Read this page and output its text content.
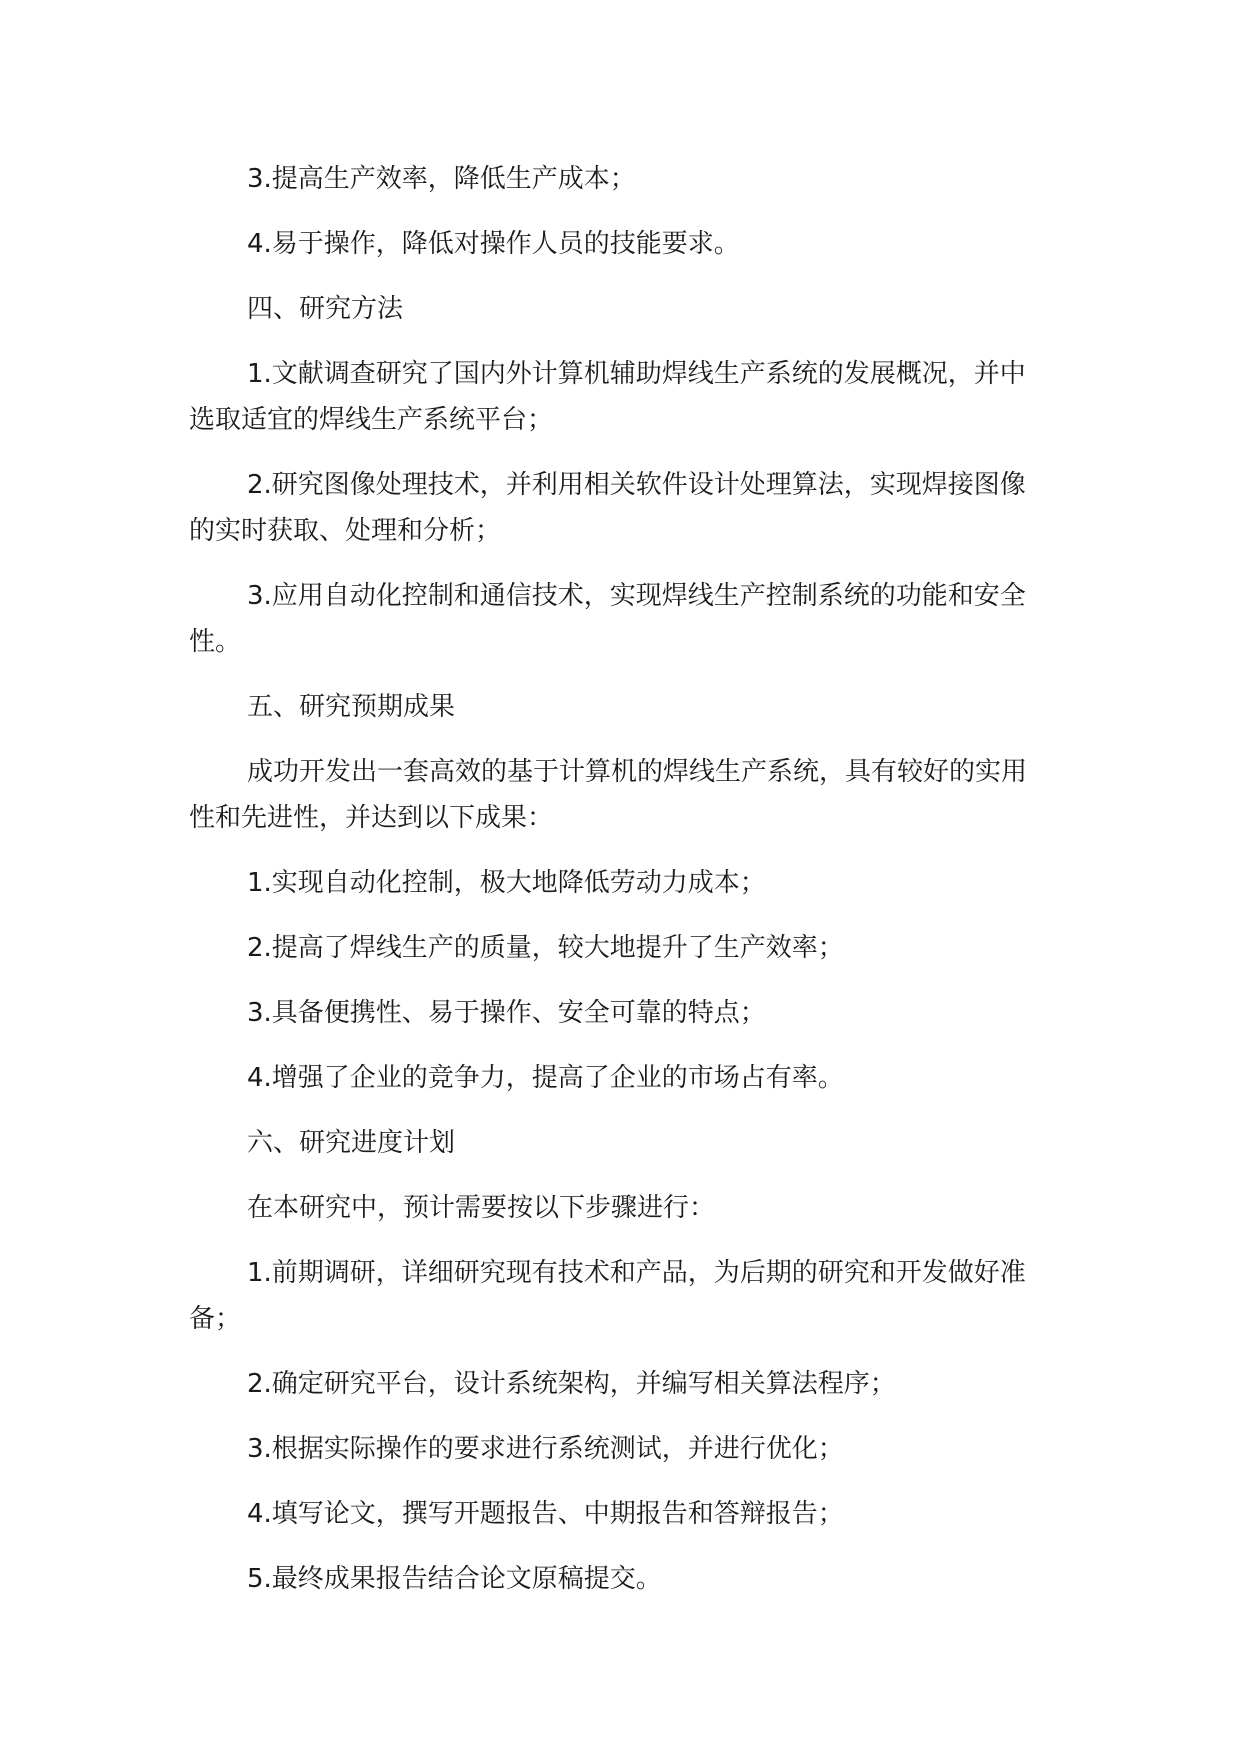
3.提高生产效率，降低生产成本；

4.易于操作，降低对操作人员的技能要求。

四、研究方法

1.文献调查研究了国内外计算机辅助焊线生产系统的发展概况，并中选取适宜的焊线生产系统平台；

2.研究图像处理技术，并利用相关软件设计处理算法，实现焊接图像的实时获取、处理和分析；

3.应用自动化控制和通信技术，实现焊线生产控制系统的功能和安全性。

五、研究预期成果

成功开发出一套高效的基于计算机的焊线生产系统，具有较好的实用性和先进性，并达到以下成果：

1.实现自动化控制，极大地降低劳动力成本；

2.提高了焊线生产的质量，较大地提升了生产效率；

3.具备便携性、易于操作、安全可靠的特点；

4.增强了企业的竞争力，提高了企业的市场占有率。

六、研究进度计划

在本研究中，预计需要按以下步骤进行：

1.前期调研，详细研究现有技术和产品，为后期的研究和开发做好准备；

2.确定研究平台，设计系统架构，并编写相关算法程序；

3.根据实际操作的要求进行系统测试，并进行优化；

4.填写论文，撰写开题报告、中期报告和答辩报告；

5.最终成果报告结合论文原稿提交。
